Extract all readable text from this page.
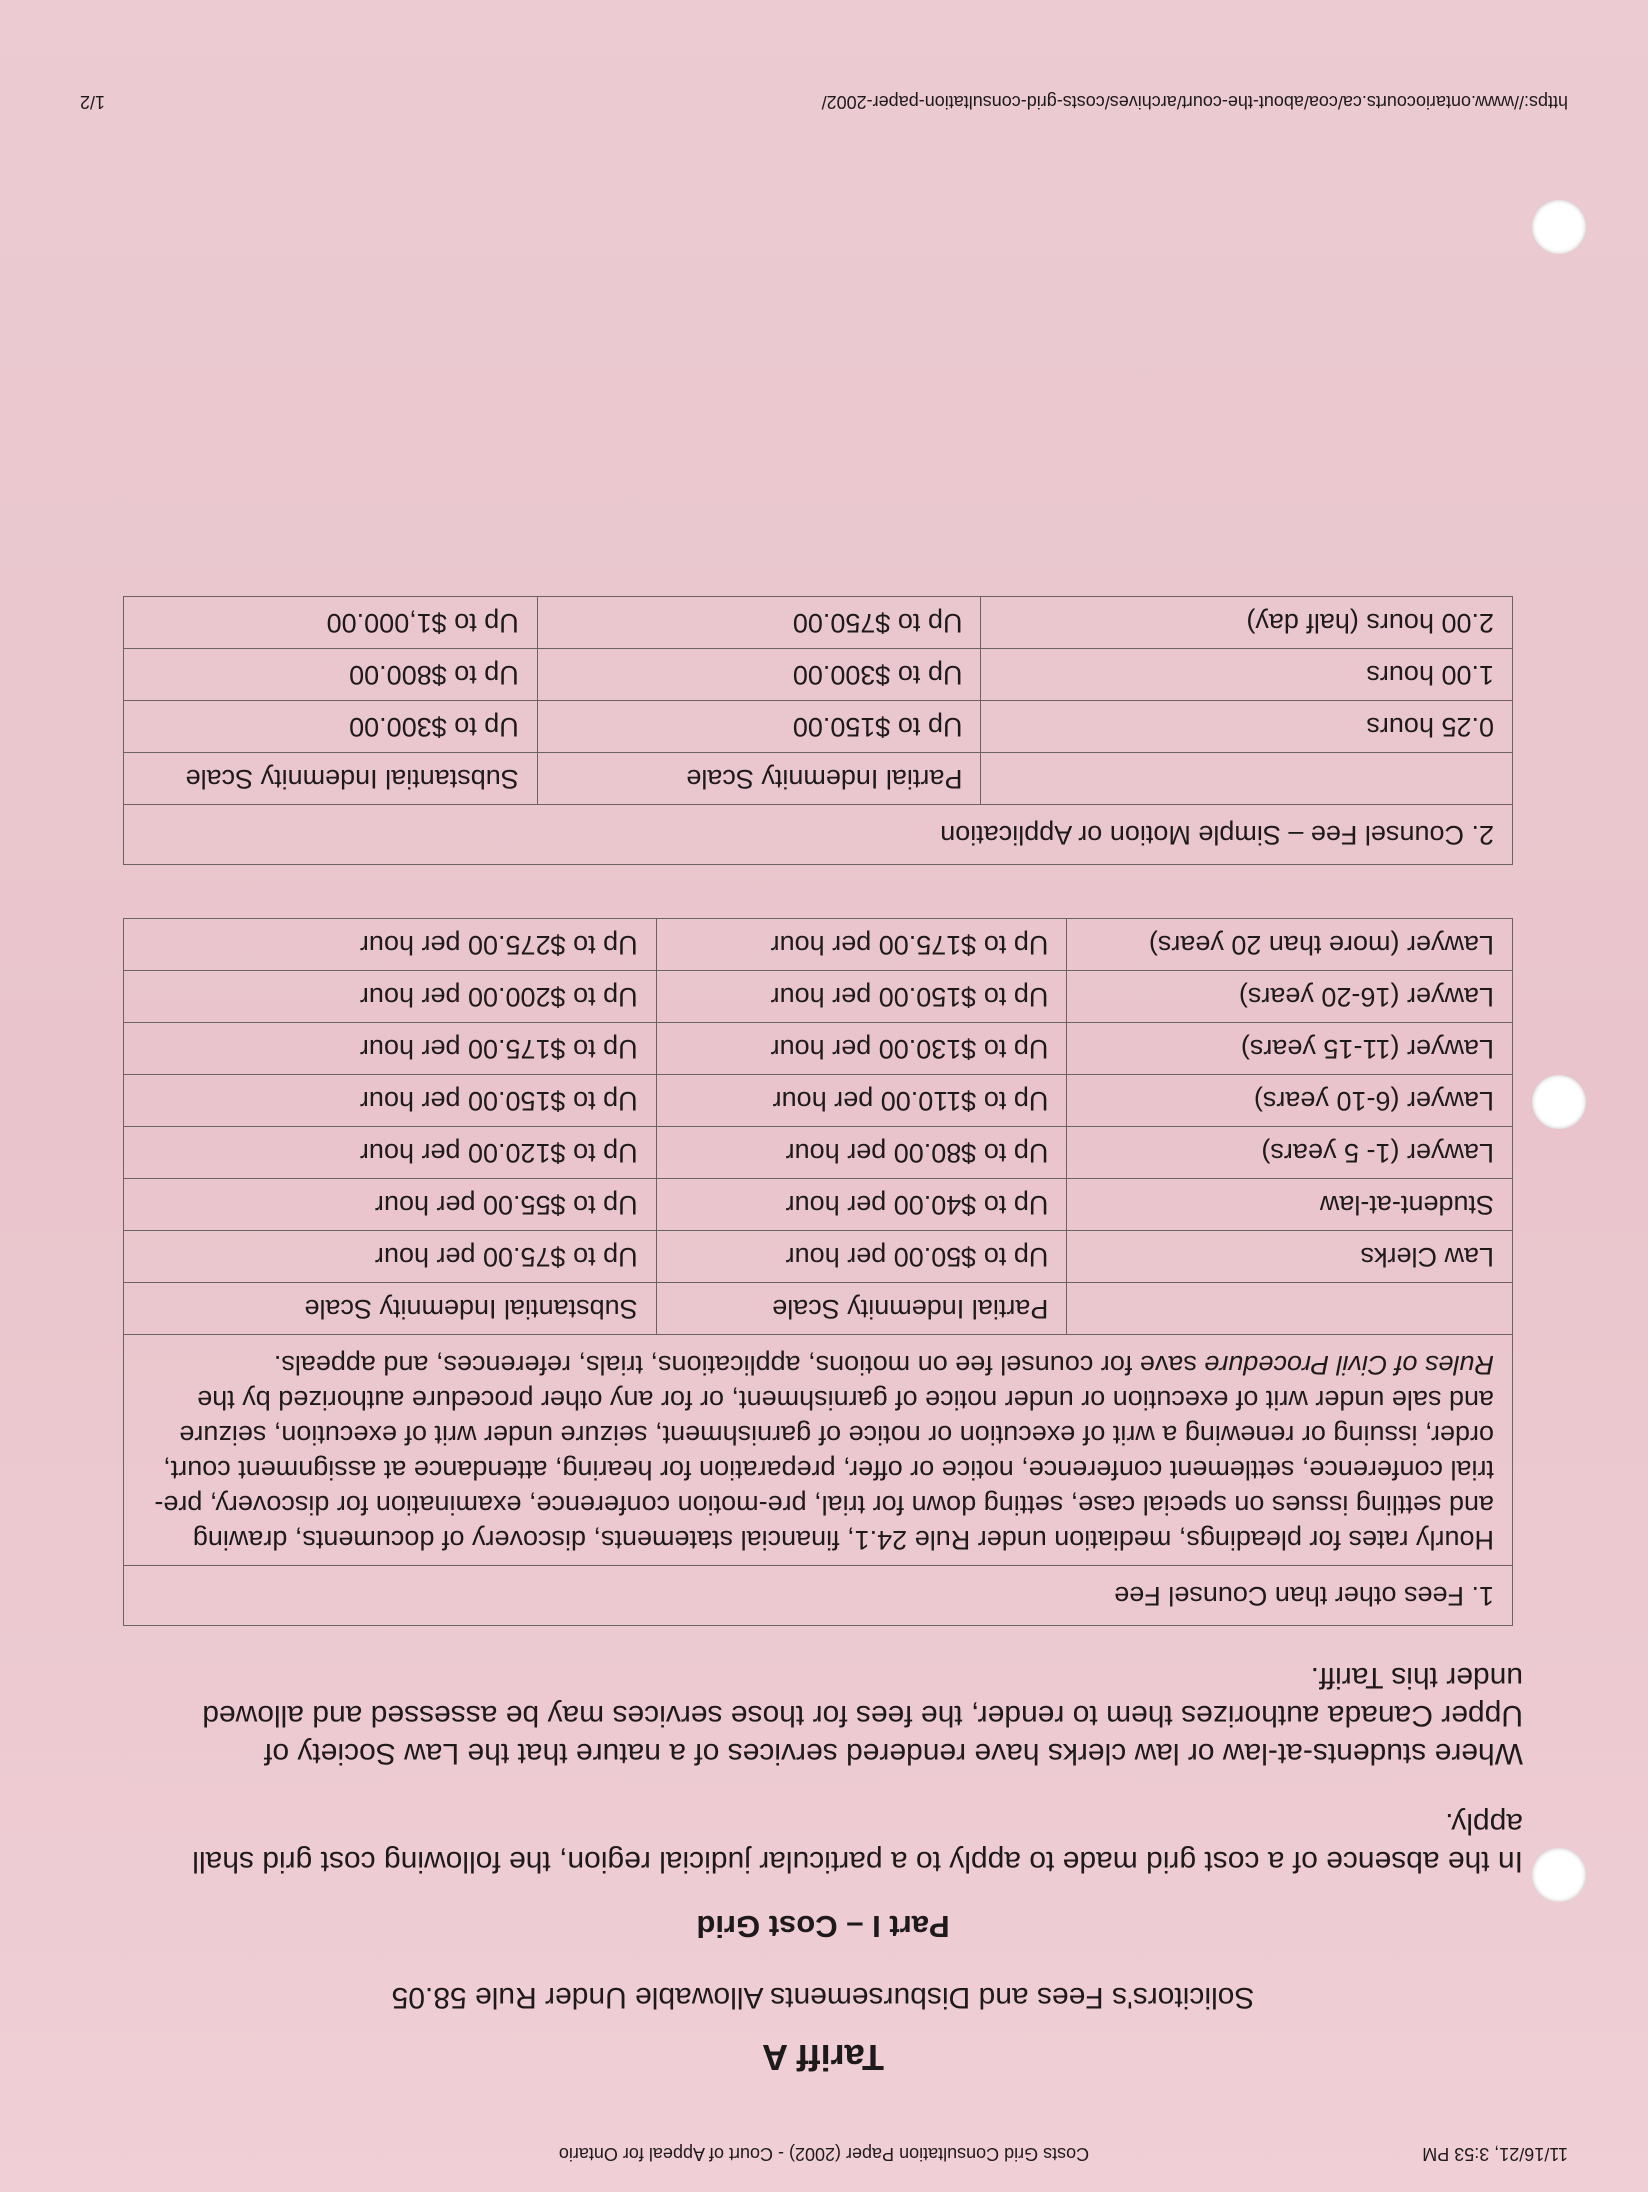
11/16/21, 3:53 PM
Costs Grid Consultation Paper (2002) - Court of Appeal for Ontario
Tariff A
Solicitors's Fees and Disbursements Allowable Under Rule 58.05
Part I – Cost Grid

In the absence of a cost grid made to apply to a particular judicial region, the following cost grid shall apply.

Where students-at-law or law clerks have rendered services of a nature that the Law Society of Upper Canada authorizes them to render, the fees for those services may be assessed and allowed under this Tariff.

1. Fees other than Counsel Fee		
Hourly rates for pleadings, mediation under Rule 24.1, financial statements, discovery of documents, drawing and settling issues on special case, setting down for trial, pre-motion conference, examination for discovery, pre-trial conference, settlement conference, notice or offer, preparation for hearing, attendance at assignment court, order, issuing or renewing a writ of execution or notice of garnishment, seizure under writ of execution, seizure and sale under writ of execution or under notice of garnishment, or for any other procedure authorized by the Rules of Civil Procedure save for counsel fee on motions, applications, trials, references, and appeals.		
	Partial Indemnity Scale	Substantial Indemnity Scale
Law Clerks	Up to $50.00 per hour	Up to $75.00 per hour
Student-at-law	Up to $40.00 per hour	Up to $55.00 per hour
Lawyer (1- 5 years)	Up to $80.00 per hour	Up to $120.00 per hour
Lawyer (6-10 years)	Up to $110.00 per hour	Up to $150.00 per hour
Lawyer (11-15 years)	Up to $130.00 per hour	Up to $175.00 per hour
Lawyer (16-20 years)	Up to $150.00 per hour	Up to $200.00 per hour
Lawyer (more than 20 years)	Up to $175.00 per hour	Up to $275.00 per hour
2. Counsel Fee – Simple Motion or Application		
	Partial Indemnity Scale	Substantial Indemnity Scale
0.25 hours	Up to $150.00	Up to $300.00
1.00 hours	Up to $300.00	Up to $800.00
2.00 hours (half day)	Up to $750.00	Up to $1,000.00
https://www.ontariocourts.ca/coa/about-the-court/archives/costs-grid-consultation-paper-2002/
1/2
